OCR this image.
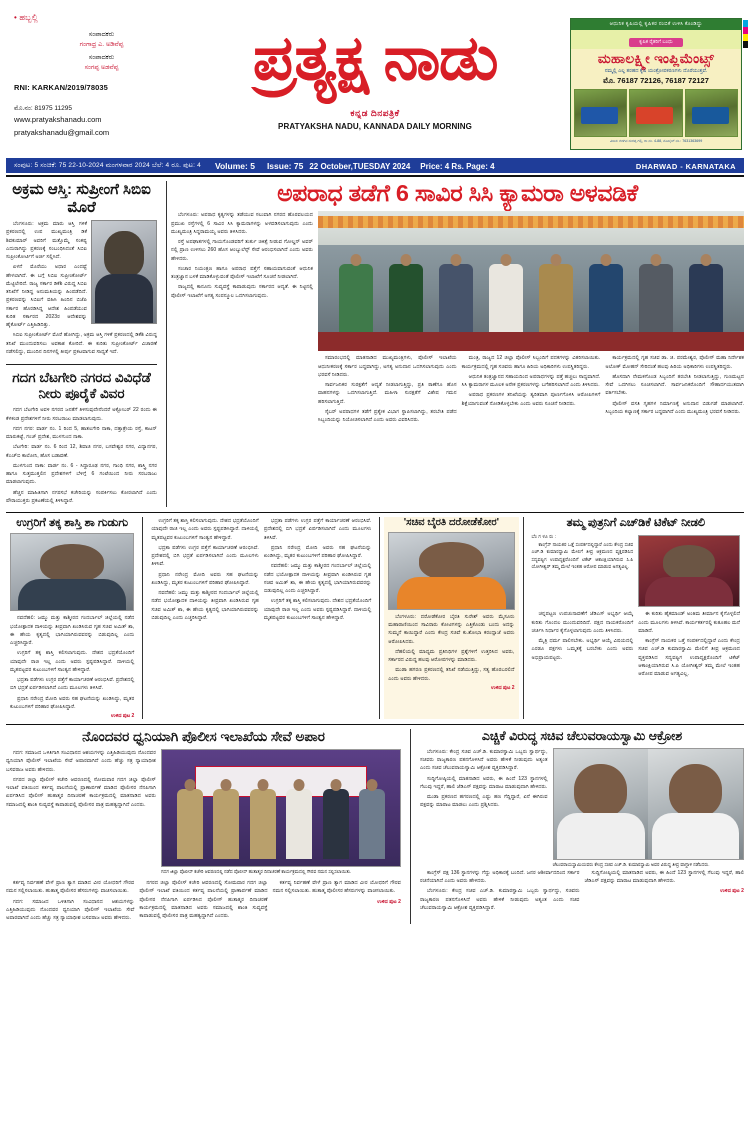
• ಹಬ್ಬಲ್ಲಿ
ಸಂಪಾದಕರು
ಗಂಗಾಧ್ರ ಎ. ಅಡಿವೆಪ್ಪ
ಸಂಪಾದಕರು
ಸಂಗಪ್ಪ ಅಡವೆಪ್ಪ
RNI: KARKAN/2019/78035
ಮೊ.ನಂ: 81975 11295
www.pratyakshanadu.com
pratyakshanadu@gmail.com
ಪ್ರತ್ಯಕ್ಷ ನಾಡು
ಕನ್ನಡ ದಿನಪತ್ರಿಕೆ
PRATYAKSHA NADU, KANNADA DAILY MORNING
ಆಧುನಿಕ ಕೃಷಿಯಲ್ಲಿ ಕೃಷಿಕರ ನಂಬಿಕೆ ಉಳಿಸಿ ಕೊಂಡಿದ್ದು
ಕೃಷಿಕ ರೈತರಿಗೆ ಬಂಧು
ಮಹಾಲಕ್ಷ್ಮೀ ಇಂಪ್ಲಿಮೆಂಟ್ಸ್
ನಮ್ಮಲ್ಲಿ ಎಲ್ಲ ತರಹದ ಕೃಷಿ ಯಂತ್ರೋಪಕರಣಗಳು ದೊರೆಯುತ್ತವೆ.
ಮೊ. 76187 72126, 76187 72127
ವಿಳಾಸ: ಗದಗಿನ ಸಂಗಪ್ಪ ಗಲ್ಲಿ, ಶಾ ನಂ. 4-88, ಮೊಬೈಲ್ ನಂ.: 7631363699
ಸಂಪುಟ: 5 ಸಂಚಿಕೆ: 75 22-10-2024 ಮಂಗಳವಾರ 2024 ಬೆಲೆ: 4 ರೂ. ಪುಟ: 4 Volume: 5 Issue: 75 22 October,TUESDAY 2024 Price: 4 Rs. Page: 4	DHARWAD - KARNATAKA
ಅಕ್ರಮ ಆಸ್ತಿ: ಸುಪ್ರೀಂಗೆ ಸಿಬಿಐ ಮೊರೆ

ಬೆಂಗಳೂರು: ಅಕ್ರಮ ಮಾರು ಆಸ್ತಿ ಗಳಿಕೆ ಪ್ರಕರಣದಲ್ಲಿ ಉಪ ಮುಖ್ಯಮಂತ್ರಿ ಡಿಕೆ ಶಿವಕುಮಾರ್ ಅವರಿಗೆ ಮತ್ತೊಮ್ಮೆ ಸಂಕಷ್ಟ ಎದುರಾಗಿದ್ದು ಪ್ರಕರಣಕ್ಕೆ ಸಂಬಂಧಿಸಿದಂತೆ ಸಿಬಿಐ ಸುಪ್ರೀಂಕೋರ್ಟಿಗೆ ಅರ್ಜಿ ಸಲ್ಲಿಸಿದೆ.

ಏಳನೆ ಮೊರೆಯು ಅಧಾರ ಎಂದಷ್ಟೆ ಹೇಳಲಾಗಿದೆ. ಈ ಬಗ್ಗೆ ಸಿಬಿಐ ಸುಪ್ರೀಂಕೋರ್ಟ್ ಮೆಟ್ಟಿಲೇರಿದೆ. ರಾಜ್ಯ ಸರ್ಕಾರ ಡಿಕೆಶಿ ವಿರುದ್ಧ ಸಿಬಿಐ ತನಿಖೆಗೆ ನೀಡಿದ್ದ ಅನುಮತಿಯನ್ನು ಹಿಂಪಡೆದಿದೆ. ಪ್ರಕರಣವನ್ನು ಸಿಬಿಐಗೆ ವಹಿಸಿ ಹಿಂದಿನ ಬಿಜೆಪಿ ಸರ್ಕಾರ ಹೊರಡಿಸಿದ್ದ ಆದೇಶ ಹಿಂಪಡೆಯುವ ಕುರಿತ ಸರ್ಕಾರದ 2023ರ ಆದೇಶವನ್ನು ಹೈಕೋರ್ಟ್ ಎತ್ತಿಹಿಡಿದಿತ್ತು.

ಸಿಬಿಐ ಸುಪ್ರೀಂಕೋರ್ಟ್ ಮೊರೆ ಹೋಗಿದ್ದು, ಅಕ್ರಮ ಆಸ್ತಿ ಗಳಿಕೆ ಪ್ರಕರಣದಲ್ಲಿ ಡಿಕೆಶಿ ವಿರುದ್ಧ ತನಿಖೆ ಮುಂದುವರಿಸಲು ಅವಕಾಶ ಕೋರಿದೆ. ಈ ಕುರಿತು ಸುಪ್ರೀಂಕೋರ್ಟ್ ವಿಚಾರಣೆ ನಡೆಸಲಿದ್ದು, ಮುಂದಿನ ದಿನಗಳಲ್ಲಿ ತೀರ್ಪು ಪ್ರಕಟವಾಗುವ ಸಾಧ್ಯತೆ ಇದೆ.

ಗದಗ ಬೆಟಗೇರಿ ನಗರದ ವಿವಿಧೆಡೆ ನೀರು ಪೂರೈಕೆ ವಿವರ

ಗದಗ ಬೆಟಗೇರಿ ಅವಳಿ ನಗರದ ಜನತೆಗೆ ತಿಳಿಸುವುದೇನೆಂದರೆ ಅಕ್ಟೋಬರ್ 22 ರಂದು ಈ ಕೆಳಕಂಡ ಪ್ರದೇಶಗಳಿಗೆ ನೀರು ಸರಬರಾಜು ಮಾಡಲಾಗುವುದು.

ಗದಗ ನಗರ: ವಾರ್ಡ ನಂ. 1 ರಿಂದ 5, ಹಾತಲಗೇರಿ ನಾಕಾ, ದತ್ತಾತ್ರೇಯ ರಸ್ತೆ, ಕಾಟನ್ ಮಾರುಕಟ್ಟೆ, ಗಂಜ್ ಪ್ರದೇಶ, ಮುಳಗುಂದ ನಾಕಾ.

ಬೆಟಗೇರಿ: ವಾರ್ಡ ನಂ. 6 ರಿಂದ 12, ಶಿವಾಜಿ ನಗರ, ಬಸವೇಶ್ವರ ನಗರ, ವಿದ್ಯಾನಗರ, ಕೆಎಚ್‌ಬಿ ಕಾಲೋನಿ, ಹೊಸ ಬಡಾವಣೆ.

ಮುಳಗುಂದ ನಾಕಾ: ವಾರ್ಡ ನಂ. 6 - ಸಿದ್ಧಾರೂಢ ನಗರ, ಗಾಂಧಿ ನಗರ, ಶಾಸ್ತ್ರಿ ನಗರ ಹಾಗೂ ಸುತ್ತಮುತ್ತಲಿನ ಪ್ರದೇಶಗಳಿಗೆ ಬೆಳಿಗ್ಗೆ 6 ಗಂಟೆಯಿಂದ ನೀರು ಸರಬರಾಜು ಮಾಡಲಾಗುವುದು.

ಹೆಚ್ಚಿನ ಮಾಹಿತಿಗಾಗಿ ನಗರಸಭೆ ಕಚೇರಿಯನ್ನು ಸಂಪರ್ಕಿಸಲು ಕೋರಲಾಗಿದೆ ಎಂದು ಪೌರಾಯುಕ್ತರು ಪ್ರಕಟಣೆಯಲ್ಲಿ ತಿಳಿಸಿದ್ದಾರೆ.

ಅಪರಾಧ ತಡೆಗೆ 6 ಸಾವಿರ ಸಿಸಿ ಕ್ಯಾಮರಾ ಅಳವಡಿಕೆ

ಬೆಂಗಳೂರು: ಅಪರಾಧ ಕೃತ್ಯಗಳನ್ನು ತಡೆಯುವ ಸಲುವಾಗಿ ನಗರದ ಹೊರವಲಯದ ಪ್ರಮುಖ ರಸ್ತೆಗಳಲ್ಲಿ 6 ಸಾವಿರ ಸಿಸಿ ಕ್ಯಾಮರಾಗಳನ್ನು ಅಳವಡಿಸಲಾಗುವುದು ಎಂದು ಮುಖ್ಯಮಂತ್ರಿ ಸಿದ್ದರಾಮಯ್ಯ ಅವರು ತಿಳಿಸಿದರು.

ರಸ್ತೆ ಅಪಘಾತಗಳಲ್ಲಿ ಗಾಯಗೊಂಡವರಿಗೆ ತುರ್ತು ಚಿಕಿತ್ಸೆ ನೀಡುವ ಗೋಲ್ಡನ್ ಅವರ್ ನಲ್ಲಿ ಪ್ರಾಣ ಉಳಿಸಲು 260 ಹೊಸ ಆಂಬ್ಯುಲೆನ್ಸ್ ಸೇವೆ ಆರಂಭಿಸಲಾಗಿದೆ ಎಂದು ಅವರು ಹೇಳಿದರು.

ಸಂಚಾರ ನಿಯಂತ್ರಣ ಹಾಗೂ ಅಪರಾಧ ಪತ್ತೆಗೆ ಸಹಾಯವಾಗುವಂತೆ ಆಧುನಿಕ ತಂತ್ರಜ್ಞಾನ ಬಳಕೆ ಮಾಡಿಕೊಳ್ಳುವಂತೆ ಪೊಲೀಸ್ ಇಲಾಖೆಗೆ ಸೂಚನೆ ನೀಡಲಾಗಿದೆ.

ರಾಜ್ಯದಲ್ಲಿ ಕಾನೂನು ಸುವ್ಯವಸ್ಥೆ ಕಾಪಾಡುವುದು ಸರ್ಕಾರದ ಆದ್ಯತೆ. ಈ ನಿಟ್ಟಿನಲ್ಲಿ ಪೊಲೀಸ್ ಇಲಾಖೆಗೆ ಅಗತ್ಯ ಸಂಪನ್ಮೂಲ ಒದಗಿಸಲಾಗುವುದು.

ಸಮಾರಂಭದಲ್ಲಿ ಮಾತನಾಡಿದ ಮುಖ್ಯಮಂತ್ರಿಗಳು, ಪೊಲೀಸ್ ಇಲಾಖೆಯ ಆಧುನೀಕರಣಕ್ಕೆ ಸರ್ಕಾರ ಬದ್ಧವಾಗಿದ್ದು, ಅಗತ್ಯ ಅನುದಾನ ಒದಗಿಸಲಾಗುವುದು ಎಂದು ಭರವಸೆ ನೀಡಿದರು.

ಸಾರ್ವಜನಿಕರ ಸುರಕ್ಷತೆಗೆ ಆದ್ಯತೆ ನೀಡಲಾಗುತ್ತಿದ್ದು, ಪ್ರತಿ ಠಾಣೆಗೂ ಹೊಸ ವಾಹನಗಳನ್ನು ಒದಗಿಸಲಾಗುತ್ತಿದೆ. ಮಹಿಳಾ ಸುರಕ್ಷತೆಗೆ ವಿಶೇಷ ಗಮನ ಹರಿಸಲಾಗುತ್ತಿದೆ.

ಸೈಬರ್ ಅಪರಾಧಗಳ ತಡೆಗೆ ಪ್ರತ್ಯೇಕ ವಿಭಾಗ ಸ್ಥಾಪಿಸಲಾಗಿದ್ದು, ತರಬೇತಿ ಪಡೆದ ಸಿಬ್ಬಂದಿಯನ್ನು ನಿಯೋಜಿಸಲಾಗಿದೆ ಎಂದು ಅವರು ವಿವರಿಸಿದರು.

ಮಂತ್ರಿ, ರಾಜ್ಯದ 12 ಜಿಲ್ಲಾ ಪೊಲೀಸ್ ಸಿಬ್ಬಂದಿಗೆ ಪದಕಗಳನ್ನು ವಿತರಿಸಲಾಯಿತು. ಕಾರ್ಯಕ್ರಮದಲ್ಲಿ ಗೃಹ ಸಚಿವರು ಹಾಗೂ ಹಿರಿಯ ಅಧಿಕಾರಿಗಳು ಉಪಸ್ಥಿತರಿದ್ದರು.

ಆಧುನಿಕ ತಂತ್ರಜ್ಞಾನದ ಸಹಾಯದಿಂದ ಅಪರಾಧಗಳನ್ನು ಪತ್ತೆ ಹಚ್ಚಲು ಸಾಧ್ಯವಾಗಿದೆ. ಸಿಸಿ ಕ್ಯಾಮರಾಗಳ ಮೂಲಕ ಅನೇಕ ಪ್ರಕರಣಗಳನ್ನು ಬಗೆಹರಿಸಲಾಗಿದೆ ಎಂದು ತಿಳಿಸಿದರು.

ಅಪರಾಧ ಪ್ರಕರಣಗಳ ತನಿಖೆಯನ್ನು ತ್ವರಿತವಾಗಿ ಪೂರ್ಣಗೊಳಿಸಿ ಆರೋಪಿಗಳಿಗೆ ಶಿಕ್ಷೆಯಾಗುವಂತೆ ನೋಡಿಕೊಳ್ಳಬೇಕು ಎಂದು ಅವರು ಸೂಚನೆ ನೀಡಿದರು.

ಕಾರ್ಯಕ್ರಮದಲ್ಲಿ ಗೃಹ ಸಚಿವ ಡಾ. ಜಿ. ಪರಮೇಶ್ವರ, ಪೊಲೀಸ್ ಮಹಾ ನಿರ್ದೇಶಕ ಅಲೋಕ್ ಮೋಹನ್ ಸೇರಿದಂತೆ ಹಲವು ಹಿರಿಯ ಅಧಿಕಾರಿಗಳು ಉಪಸ್ಥಿತರಿದ್ದರು.

ಹೊಸದಾಗಿ ನೇಮಕಗೊಂಡ ಸಿಬ್ಬಂದಿಗೆ ತರಬೇತಿ ನೀಡಲಾಗುತ್ತಿದ್ದು, ಗುಣಮಟ್ಟದ ಸೇವೆ ಒದಗಿಸಲು ಸೂಚಿಸಲಾಗಿದೆ. ಸಾರ್ವಜನಿಕರೊಂದಿಗೆ ಸೌಹಾರ್ದಯುತವಾಗಿ ವರ್ತಿಸಬೇಕು.

ಪೊಲೀಸ್ ವಸತಿ ಗೃಹಗಳ ನಿರ್ಮಾಣಕ್ಕೆ ಅನುದಾನ ಬಿಡುಗಡೆ ಮಾಡಲಾಗಿದೆ. ಸಿಬ್ಬಂದಿಯ ಕಲ್ಯಾಣಕ್ಕೆ ಸರ್ಕಾರ ಬದ್ಧವಾಗಿದೆ ಎಂದು ಮುಖ್ಯಮಂತ್ರಿ ಭರವಸೆ ನೀಡಿದರು.

ಉಗ್ರರಿಗೆ ತಕ್ಕ ಶಾಸ್ತಿ ಶಾ ಗುಡುಗು

ನವದೆಹಲಿ: ಜಮ್ಮು ಮತ್ತು ಕಾಶ್ಮೀರದ ಗಂದರ್ಬಾಲ್ ಜಿಲ್ಲೆಯಲ್ಲಿ ನಡೆದ ಭಯೋತ್ಪಾದಕ ದಾಳಿಯನ್ನು ತೀವ್ರವಾಗಿ ಖಂಡಿಸಿರುವ ಗೃಹ ಸಚಿವ ಅಮಿತ್ ಶಾ, ಈ ಹೇಯ ಕೃತ್ಯದಲ್ಲಿ ಭಾಗಿಯಾಗಿರುವವರನ್ನು ಬಿಡುವುದಿಲ್ಲ ಎಂದು ಎಚ್ಚರಿಸಿದ್ದಾರೆ.

ಉಗ್ರರಿಗೆ ತಕ್ಕ ಶಾಸ್ತಿ ಕಲಿಸಲಾಗುವುದು. ದೇಶದ ಭದ್ರತೆಯೊಂದಿಗೆ ಯಾವುದೇ ರಾಜಿ ಇಲ್ಲ ಎಂದು ಅವರು ಸ್ಪಷ್ಟಪಡಿಸಿದ್ದಾರೆ. ದಾಳಿಯಲ್ಲಿ ಮೃತಪಟ್ಟವರ ಕುಟುಂಬಗಳಿಗೆ ಸಾಂತ್ವನ ಹೇಳಿದ್ದಾರೆ.

ಭದ್ರತಾ ಪಡೆಗಳು ಉಗ್ರರ ಪತ್ತೆಗೆ ಕಾರ್ಯಾಚರಣೆ ಆರಂಭಿಸಿವೆ. ಪ್ರದೇಶದಲ್ಲಿ ಬಿಗಿ ಭದ್ರತೆ ಏರ್ಪಡಿಸಲಾಗಿದೆ ಎಂದು ಮೂಲಗಳು ತಿಳಿಸಿವೆ.

ಪ್ರಧಾನಿ ನರೇಂದ್ರ ಮೋದಿ ಅವರು ಸಹ ಘಟನೆಯನ್ನು ಖಂಡಿಸಿದ್ದು, ಮೃತರ ಕುಟುಂಬಗಳಿಗೆ ಪರಿಹಾರ ಘೋಷಿಸಿದ್ದಾರೆ.

ಉಳಿದ ಪುಟ 2

ಉಗ್ರರಿಗೆ ತಕ್ಕ ಶಾಸ್ತಿ ಕಲಿಸಲಾಗುವುದು. ದೇಶದ ಭದ್ರತೆಯೊಂದಿಗೆ ಯಾವುದೇ ರಾಜಿ ಇಲ್ಲ ಎಂದು ಅವರು ಸ್ಪಷ್ಟಪಡಿಸಿದ್ದಾರೆ. ದಾಳಿಯಲ್ಲಿ ಮೃತಪಟ್ಟವರ ಕುಟುಂಬಗಳಿಗೆ ಸಾಂತ್ವನ ಹೇಳಿದ್ದಾರೆ.

ಭದ್ರತಾ ಪಡೆಗಳು ಉಗ್ರರ ಪತ್ತೆಗೆ ಕಾರ್ಯಾಚರಣೆ ಆರಂಭಿಸಿವೆ. ಪ್ರದೇಶದಲ್ಲಿ ಬಿಗಿ ಭದ್ರತೆ ಏರ್ಪಡಿಸಲಾಗಿದೆ ಎಂದು ಮೂಲಗಳು ತಿಳಿಸಿವೆ.

ಪ್ರಧಾನಿ ನರೇಂದ್ರ ಮೋದಿ ಅವರು ಸಹ ಘಟನೆಯನ್ನು ಖಂಡಿಸಿದ್ದು, ಮೃತರ ಕುಟುಂಬಗಳಿಗೆ ಪರಿಹಾರ ಘೋಷಿಸಿದ್ದಾರೆ.

ನವದೆಹಲಿ: ಜಮ್ಮು ಮತ್ತು ಕಾಶ್ಮೀರದ ಗಂದರ್ಬಾಲ್ ಜಿಲ್ಲೆಯಲ್ಲಿ ನಡೆದ ಭಯೋತ್ಪಾದಕ ದಾಳಿಯನ್ನು ತೀವ್ರವಾಗಿ ಖಂಡಿಸಿರುವ ಗೃಹ ಸಚಿವ ಅಮಿತ್ ಶಾ, ಈ ಹೇಯ ಕೃತ್ಯದಲ್ಲಿ ಭಾಗಿಯಾಗಿರುವವರನ್ನು ಬಿಡುವುದಿಲ್ಲ ಎಂದು ಎಚ್ಚರಿಸಿದ್ದಾರೆ.

ಭದ್ರತಾ ಪಡೆಗಳು ಉಗ್ರರ ಪತ್ತೆಗೆ ಕಾರ್ಯಾಚರಣೆ ಆರಂಭಿಸಿವೆ. ಪ್ರದೇಶದಲ್ಲಿ ಬಿಗಿ ಭದ್ರತೆ ಏರ್ಪಡಿಸಲಾಗಿದೆ ಎಂದು ಮೂಲಗಳು ತಿಳಿಸಿವೆ.

ಪ್ರಧಾನಿ ನರೇಂದ್ರ ಮೋದಿ ಅವರು ಸಹ ಘಟನೆಯನ್ನು ಖಂಡಿಸಿದ್ದು, ಮೃತರ ಕುಟುಂಬಗಳಿಗೆ ಪರಿಹಾರ ಘೋಷಿಸಿದ್ದಾರೆ.

ನವದೆಹಲಿ: ಜಮ್ಮು ಮತ್ತು ಕಾಶ್ಮೀರದ ಗಂದರ್ಬಾಲ್ ಜಿಲ್ಲೆಯಲ್ಲಿ ನಡೆದ ಭಯೋತ್ಪಾದಕ ದಾಳಿಯನ್ನು ತೀವ್ರವಾಗಿ ಖಂಡಿಸಿರುವ ಗೃಹ ಸಚಿವ ಅಮಿತ್ ಶಾ, ಈ ಹೇಯ ಕೃತ್ಯದಲ್ಲಿ ಭಾಗಿಯಾಗಿರುವವರನ್ನು ಬಿಡುವುದಿಲ್ಲ ಎಂದು ಎಚ್ಚರಿಸಿದ್ದಾರೆ.

ಉಗ್ರರಿಗೆ ತಕ್ಕ ಶಾಸ್ತಿ ಕಲಿಸಲಾಗುವುದು. ದೇಶದ ಭದ್ರತೆಯೊಂದಿಗೆ ಯಾವುದೇ ರಾಜಿ ಇಲ್ಲ ಎಂದು ಅವರು ಸ್ಪಷ್ಟಪಡಿಸಿದ್ದಾರೆ. ದಾಳಿಯಲ್ಲಿ ಮೃತಪಟ್ಟವರ ಕುಟುಂಬಗಳಿಗೆ ಸಾಂತ್ವನ ಹೇಳಿದ್ದಾರೆ.

'ಸಚಿವ ಬೈರತಿ ದರೋಡೆಕೋರ'

ಬೆಂಗಳೂರು: ದರೋಡೆಕೋರ ಬೈರತಿ ಸುರೇಶ್ ಅವರು ಮೈಸೂರು ಮಹಾರಾಣಿಯಿಂದ ಸಾವಿರಾರು ಕೋಟಿಗಳನ್ನು ಎತ್ತಿಕೊಂಡು ಬಂದು ಅದನ್ನು ಸುಮ್ಮನೆ ಕಾಯಿದ್ದಾರೆ ಎಂದು ಕೇಂದ್ರ ಸಚಿವೆ ಕು.ಶೋಭಾ ಕರಂದ್ಲಾಜೆ ಅವರು ಆರೋಪಿಸಿದರು.

ದೆಹಲಿಯಲ್ಲಿ ಮಾಧ್ಯಮ ಪ್ರತಿನಿಧಿಗಳ ಪ್ರಶ್ನೆಗಳಿಗೆ ಉತ್ತರಿಸಿದ ಅವರು, ಸರ್ಕಾರದ ವಿರುದ್ಧ ಹಲವು ಆರೋಪಗಳನ್ನು ಮಾಡಿದರು.

ಮುಡಾ ಹಗರಣ ಪ್ರಕರಣದಲ್ಲಿ ತನಿಖೆ ನಡೆಯುತ್ತಿದ್ದು, ಸತ್ಯ ಹೊರಬರಲಿದೆ ಎಂದು ಅವರು ಹೇಳಿದರು.

ಉಳಿದ ಪುಟ 2
ತಮ್ಮ ಪುತ್ರನಿಗೆ ಎಚ್‌ಡಿಕೆ ಟಿಕೆಟ್ ನೀಡಲಿ
ಬೆಂಗಳೂರು:

ಕಾಂಗ್ರೆಸ್ ನಾಯಕರ ಒತ್ತೆ ಸಂಪರ್ಕದಲ್ಲಿದ್ದಾರೆ ಎಂದು ಕೇಂದ್ರ ಸಚಿವ ಎಚ್.ಡಿ ಕುಮಾರಸ್ವಾಮಿ ಮೇಲಿಗೆ ತೀವ್ರ ಆಕ್ರಮಣದ ವ್ಯಕ್ತಪಡಿಸಿದ ಸದ್ಯವಷ್ಟಿಗ ಉಪಾಧ್ಯಕ್ಷರೊಂದಿಗೆ ಟಿಕೆಟ್ ಆಕಾಂಕ್ಷಿಯಾಗಿರುವ ಸಿ.ಪಿ ಯೋಗೀಶ್ವರ್ ತಮ್ಮ ಮೇಲೆ ಇಂತಹ ಆರೋಪ ಮಾಡುವ ಅಗತ್ಯವಿಲ್ಲ.

ಚನ್ನಪಟ್ಟಣ ಉಪಚುನಾವಣೆಗೆ ಜೆಡಿಎಸ್ ಅಭ್ಯರ್ಥಿ ಆಯ್ಕೆ ಕುರಿತು ಗೊಂದಲ ಮುಂದುವರಿದಿದೆ. ಪಕ್ಷದ ನಾಯಕರೊಂದಿಗೆ ಚರ್ಚಿಸಿ ನಿರ್ಧಾರ ಕೈಗೊಳ್ಳಲಾಗುವುದು ಎಂದು ತಿಳಿಸಿದರು.

ಮೈತ್ರಿ ಧರ್ಮ ಪಾಲಿಸಬೇಕು. ಅಭ್ಯರ್ಥಿ ಆಯ್ಕೆ ವಿಷಯದಲ್ಲಿ ಎರಡೂ ಪಕ್ಷಗಳು ಒಮ್ಮತಕ್ಕೆ ಬರಬೇಕು ಎಂದು ಅವರು ಅಭಿಪ್ರಾಯಪಟ್ಟರು.

ಈ ಕುರಿತು ಹೈಕಮಾಂಡ್ ಅಂತಿಮ ತೀರ್ಮಾನ ಕೈಗೊಳ್ಳಲಿದೆ ಎಂದು ಮೂಲಗಳು ತಿಳಿಸಿವೆ. ಕಾರ್ಯಕರ್ತರಲ್ಲಿ ಕುತೂಹಲ ಮನೆ ಮಾಡಿದೆ.

ಕಾಂಗ್ರೆಸ್ ನಾಯಕರ ಒತ್ತೆ ಸಂಪರ್ಕದಲ್ಲಿದ್ದಾರೆ ಎಂದು ಕೇಂದ್ರ ಸಚಿವ ಎಚ್.ಡಿ ಕುಮಾರಸ್ವಾಮಿ ಮೇಲಿಗೆ ತೀವ್ರ ಆಕ್ರಮಣದ ವ್ಯಕ್ತಪಡಿಸಿದ ಸದ್ಯವಷ್ಟಿಗ ಉಪಾಧ್ಯಕ್ಷರೊಂದಿಗೆ ಟಿಕೆಟ್ ಆಕಾಂಕ್ಷಿಯಾಗಿರುವ ಸಿ.ಪಿ ಯೋಗೀಶ್ವರ್ ತಮ್ಮ ಮೇಲೆ ಇಂತಹ ಆರೋಪ ಮಾಡುವ ಅಗತ್ಯವಿಲ್ಲ.

ನೊಂದವರ ಧ್ವನಿಯಾಗಿ ಪೊಲೀಸ ಇಲಾಖೆಯ ಸೇವೆ ಅಪಾರ

ಗದಗ: ಸಮಾಜದ ಒಳಿತಿಗಾಗಿ ಸಂವಿಧಾನದ ಆಶಯಗಳನ್ನು ಎತ್ತಿಹಿಡಿಯುವುದು ನೊಂದವರ ಧ್ವನಿಯಾಗಿ ಪೊಲೀಸ್ ಇಲಾಖೆಯ ಸೇವೆ ಅಪಾರವಾಗಿದೆ ಎಂದು ಹೆಚ್ಚು ಸತ್ರ ನ್ಯಾಯಾಧೀಶ ಬಸವರಾಜ ಅವರು ಹೇಳಿದರು.

ನಗರದ ಜಿಲ್ಲಾ ಪೊಲೀಸ್ ಕಚೇರಿ ಆವರಣದಲ್ಲಿ ಸೋಮವಾರ ಗದಗ ಜಿಲ್ಲಾ ಪೊಲೀಸ್ ಇಲಾಖೆ ವತಿಯಿಂದ ಕರ್ತವ್ಯ ಪಾಲನೆಯಲ್ಲಿ ಪ್ರಾಣಾರ್ಪಣೆ ಮಾಡಿದ ಪೊಲೀಸರ ನೆನಪಿಗಾಗಿ ಏರ್ಪಡಿಸಿದ ಪೊಲೀಸ್ ಹುತಾತ್ಮರ ದಿನಾಚರಣೆ ಕಾರ್ಯಕ್ರಮದಲ್ಲಿ ಮಾತನಾಡಿದ ಅವರು ಸಮಾಜದಲ್ಲಿ ಶಾಂತಿ ಸುವ್ಯವಸ್ಥೆ ಕಾಪಾಡುವಲ್ಲಿ ಪೊಲೀಸರ ಪಾತ್ರ ಮಹತ್ವದ್ದಾಗಿದೆ ಎಂದರು.

ಗದಗ ಜಿಲ್ಲಾ ಪೊಲೀಸ್ ಕಚೇರಿ ಆವರಣದಲ್ಲಿ ನಡೆದ ಪೊಲೀಸ್ ಹುತಾತ್ಮರ ದಿನಾಚರಣೆ ಕಾರ್ಯಕ್ರಮದಲ್ಲಿ ಗೌರವ ನಮನ ಸಲ್ಲಿಸಲಾಯಿತು.

ಕರ್ತವ್ಯ ನಿರ್ವಹಣೆ ವೇಳೆ ಪ್ರಾಣ ತ್ಯಾಗ ಮಾಡಿದ ವೀರ ಯೋಧರಿಗೆ ಗೌರವ ನಮನ ಸಲ್ಲಿಸಲಾಯಿತು. ಹುತಾತ್ಮ ಪೊಲೀಸರ ಹೆಸರುಗಳನ್ನು ವಾಚಿಸಲಾಯಿತು.

ಗದಗ: ಸಮಾಜದ ಒಳಿತಿಗಾಗಿ ಸಂವಿಧಾನದ ಆಶಯಗಳನ್ನು ಎತ್ತಿಹಿಡಿಯುವುದು ನೊಂದವರ ಧ್ವನಿಯಾಗಿ ಪೊಲೀಸ್ ಇಲಾಖೆಯ ಸೇವೆ ಅಪಾರವಾಗಿದೆ ಎಂದು ಹೆಚ್ಚು ಸತ್ರ ನ್ಯಾಯಾಧೀಶ ಬಸವರಾಜ ಅವರು ಹೇಳಿದರು.

ನಗರದ ಜಿಲ್ಲಾ ಪೊಲೀಸ್ ಕಚೇರಿ ಆವರಣದಲ್ಲಿ ಸೋಮವಾರ ಗದಗ ಜಿಲ್ಲಾ ಪೊಲೀಸ್ ಇಲಾಖೆ ವತಿಯಿಂದ ಕರ್ತವ್ಯ ಪಾಲನೆಯಲ್ಲಿ ಪ್ರಾಣಾರ್ಪಣೆ ಮಾಡಿದ ಪೊಲೀಸರ ನೆನಪಿಗಾಗಿ ಏರ್ಪಡಿಸಿದ ಪೊಲೀಸ್ ಹುತಾತ್ಮರ ದಿನಾಚರಣೆ ಕಾರ್ಯಕ್ರಮದಲ್ಲಿ ಮಾತನಾಡಿದ ಅವರು ಸಮಾಜದಲ್ಲಿ ಶಾಂತಿ ಸುವ್ಯವಸ್ಥೆ ಕಾಪಾಡುವಲ್ಲಿ ಪೊಲೀಸರ ಪಾತ್ರ ಮಹತ್ವದ್ದಾಗಿದೆ ಎಂದರು.

ಕರ್ತವ್ಯ ನಿರ್ವಹಣೆ ವೇಳೆ ಪ್ರಾಣ ತ್ಯಾಗ ಮಾಡಿದ ವೀರ ಯೋಧರಿಗೆ ಗೌರವ ನಮನ ಸಲ್ಲಿಸಲಾಯಿತು. ಹುತಾತ್ಮ ಪೊಲೀಸರ ಹೆಸರುಗಳನ್ನು ವಾಚಿಸಲಾಯಿತು.

ಉಳಿದ ಪುಟ 2
ಎಚ್ಚಿಕೆ ವಿರುದ್ಧ ಸಚಿವ ಚೆಲುವರಾಯಸ್ವಾಮಿ ಆಕ್ರೋಶ

ಬೆಂಗಳೂರು: ಕೇಂದ್ರ ಸಚಿವ ಎಚ್.ಡಿ. ಕುಮಾರಸ್ವಾಮಿ ಒಬ್ಬರು ಸ್ವಾರ್ಥದ್ದು, ಸಚಿವರು ರಾಜ್ಯಕಾರಣ ಪತನಗೊಳಿಸಿದೆ ಅವರು ಹೇಳಿಕೆ ನೀಡುವುದು ಅತ್ಯಂತ ಎಂದು ಸಚಿವ ಚೆಲುವರಾಯಸ್ವಾಮಿ ಆಕ್ರೋಶ ವ್ಯಕ್ತಪಡಿಸಿದ್ದಾರೆ.

ಸುದ್ದಿಗೋಷ್ಠಿಯಲ್ಲಿ ಮಾತನಾಡಿದ ಅವರು, ಈ ಹಿಂದೆ 123 ಸ್ಥಾನಗಳಲ್ಲಿ ಗೆಲುವು ಇದ್ದರೆ, ಹಾಲಿ ಜೆಡಿಎಸ್ ಪಕ್ಷವನ್ನು ಮಾರಾಟ ಮಾಡುವುದಾಗಿ ಹೇಳಿದರು.

ಮುಡಾ ಪ್ರಕರಣದ ಹಗರಣದಲ್ಲಿ ಎಷ್ಟು ಹಣ ಗೆದ್ದಿದ್ದಾರೆ, ಏನೆ ಈಗಿರುವ ಪಕ್ಷವನ್ನು ಮಾರಾಟ ಮಾಡಲು ಎಂದು ಪ್ರಶ್ನಿಸಿದರು.

ಚೆಲುವರಾಯಸ್ವಾಮಿಯವರು ಕೇಂದ್ರ ಸಚಿವ ಎಚ್.ಡಿ. ಕುಮಾರಸ್ವಾಮಿ ಅವರ ವಿರುದ್ಧ ತೀವ್ರ ವಾಗ್ದಾಳಿ ನಡೆಸಿದರು.

ಕಾಂಗ್ರೆಸ್ ಪಕ್ಷ 136 ಸ್ಥಾನಗಳನ್ನು ಗೆದ್ದು ಅಧಿಕಾರಕ್ಕೆ ಬಂದಿದೆ. ಜನರ ಆಶೀರ್ವಾದದಿಂದ ಸರ್ಕಾರ ರಚನೆಯಾಗಿದೆ ಎಂದು ಅವರು ಹೇಳಿದರು.

ಬೆಂಗಳೂರು: ಕೇಂದ್ರ ಸಚಿವ ಎಚ್.ಡಿ. ಕುಮಾರಸ್ವಾಮಿ ಒಬ್ಬರು ಸ್ವಾರ್ಥದ್ದು, ಸಚಿವರು ರಾಜ್ಯಕಾರಣ ಪತನಗೊಳಿಸಿದೆ ಅವರು ಹೇಳಿಕೆ ನೀಡುವುದು ಅತ್ಯಂತ ಎಂದು ಸಚಿವ ಚೆಲುವರಾಯಸ್ವಾಮಿ ಆಕ್ರೋಶ ವ್ಯಕ್ತಪಡಿಸಿದ್ದಾರೆ.

ಸುದ್ದಿಗೋಷ್ಠಿಯಲ್ಲಿ ಮಾತನಾಡಿದ ಅವರು, ಈ ಹಿಂದೆ 123 ಸ್ಥಾನಗಳಲ್ಲಿ ಗೆಲುವು ಇದ್ದರೆ, ಹಾಲಿ ಜೆಡಿಎಸ್ ಪಕ್ಷವನ್ನು ಮಾರಾಟ ಮಾಡುವುದಾಗಿ ಹೇಳಿದರು.

ಉಳಿದ ಪುಟ 2
